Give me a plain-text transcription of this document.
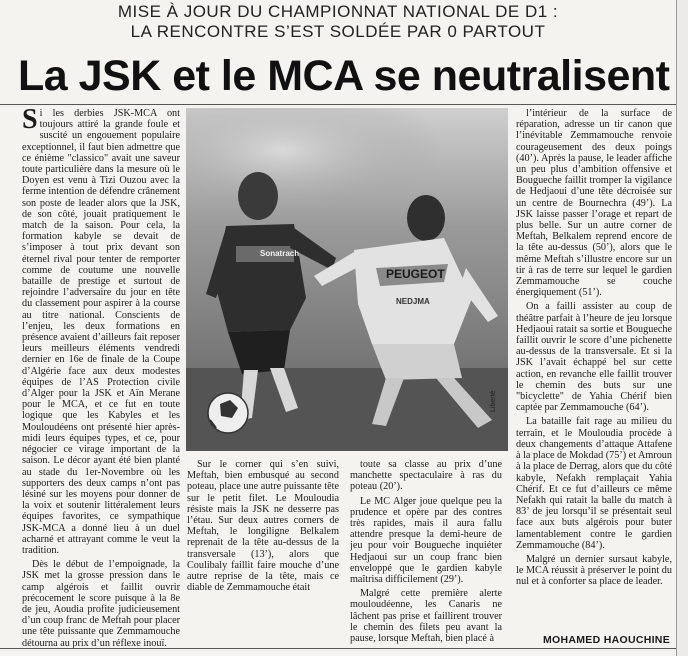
MISE À JOUR DU CHAMPIONNAT NATIONAL DE D1 :
LA RENCONTRE S’EST SOLDÉE PAR 0 PARTOUT
La JSK et le MCA se neutralisent

Si les derbies JSK-MCA ont toujours attiré la grande foule et suscité un engouement populaire exceptionnel, il faut bien admettre que ce énième "classico" avait une saveur toute particulière dans la mesure où le Doyen est venu à Tizi Ouzou avec la ferme intention de défendre crânement son poste de leader alors que la JSK, de son côté, jouait pratiquement le match de la saison. Pour cela, la formation kabyle se devait de s’imposer à tout prix devant son éternel rival pour tenter de remporter comme de coutume une nouvelle bataille de prestige et surtout de rejoindre l’adversaire du jour en tête du classement pour aspirer à la course au titre national. Conscients de l’enjeu, les deux formations en présence avaient d’ailleurs fait reposer leurs meilleurs éléments vendredi dernier en 16e de finale de la Coupe d’Algérie face aux deux modestes équipes de l’AS Protection civile d’Alger pour la JSK et Aïn Merane pour le MCA, et ce fut en toute logique que les Kabyles et les Mouloudéens ont présenté hier après-midi leurs équipes types, et ce, pour négocier ce virage important de la saison. Le décor ayant été bien planté au stade du 1er-Novembre où les supporters des deux camps n’ont pas lésiné sur les moyens pour donner de la voix et soutenir littéralement leurs équipes favorites, ce sympathique JSK-MCA a donné lieu à un duel acharné et attrayant comme le veut la tradition.

Dès le début de l’empoignade, la JSK met la grosse pression dans le camp algérois et faillit ouvrir précocement le score puisque à la 8e de jeu, Aoudia profite judicieusement d’un coup franc de Meftah pour placer une tête puissante que Zemmamouche détourna au prix d’un réflexe inouï.

Sonatrach
PEUGEOT
NEDJMA
Liberté

Sur le corner qui s’en suivi, Meftah, bien embusqué au second poteau, place une autre puissante tête sur le petit filet. Le Mouloudia résiste mais la JSK ne desserre pas l’étau. Sur deux autres corners de Meftah, le longiligne Belkalem reprenait de la tête au-dessus de la transversale (13’), alors que Coulibaly faillit faire mouche d’une autre reprise de la tête, mais ce diable de Zemmamouche était

toute sa classe au prix d’une manchette spectaculaire à ras du poteau (20’).

Le MC Alger joue quelque peu la prudence et opère par des contres très rapides, mais il aura fallu attendre presque la demi-heure de jeu pour voir Bougueche inquiéter Hedjaoui sur un coup franc bien enveloppé que le gardien kabyle maîtrisa difficilement (29’).

Malgré cette première alerte mouloudéenne, les Canaris ne lâchent pas prise et faillirent trouver le chemin des filets peu avant la pause, lorsque Meftah, bien placé à

l’intérieur de la surface de réparation, adresse un tir canon que l’inévitable Zemmamouche renvoie courageusement des deux poings (40’). Après la pause, le leader affiche un peu plus d’ambition offensive et Bougueche faillit tromper la vigilance de Hedjaoui d’une tête décroisée sur un centre de Bournechra (49’). La JSK laisse passer l’orage et repart de plus belle. Sur un autre corner de Meftah, Belkalem reprend encore de la tête au-dessus (50’), alors que le même Meftah s’illustre encore sur un tir à ras de terre sur lequel le gardien Zemmamouche se couche énergiquement (51’).

On a failli assister au coup de théâtre parfait à l’heure de jeu lorsque Hedjaoui ratait sa sortie et Bougueche faillit ouvrir le score d’une pichenette au-dessus de la transversale. Et si la JSK l’avait échappé bel sur cette action, en revanche elle faillit trouver le chemin des buts sur une "bicyclette" de Yahia Chérif bien captée par Zemmamouche (64’).

La bataille fait rage au milieu du terrain, et le Mouloudia procède à deux changements d’attaque Attafene à la place de Mokdad (75’) et Amroun à la place de Derrag, alors que du côté kabyle, Nefakh remplaçait Yahia Chérif. Et ce fut d’ailleurs ce même Nefakh qui ratait la balle du match à 83’ de jeu lorsqu’il se présentait seul face aux buts algérois pour buter lamentablement contre le gardien Zemmamouche (84’).

Malgré un dernier sursaut kabyle, le MCA réussit à préserver le point du nul et à conforter sa place de leader.

MOHAMED HAOUCHINE
